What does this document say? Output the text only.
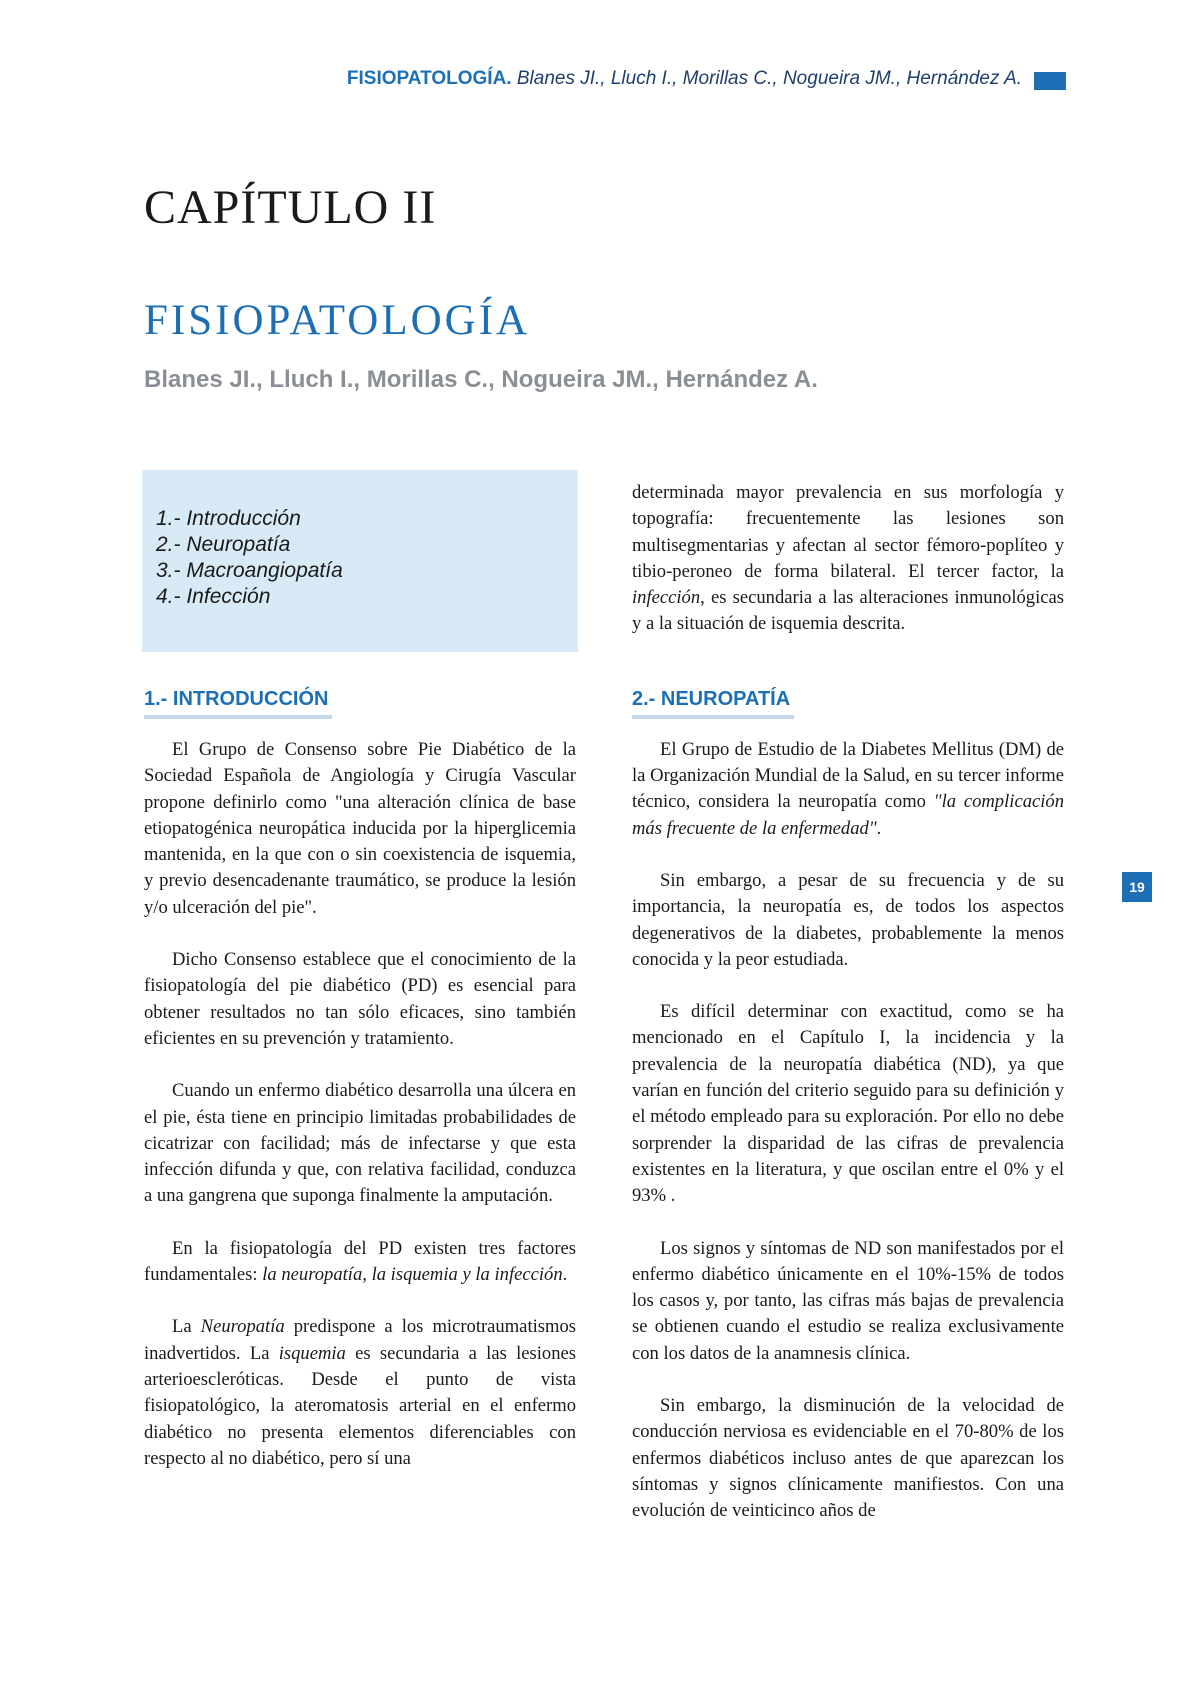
FISIOPATOLOGÍA. Blanes JI., Lluch I., Morillas C., Nogueira JM., Hernández A.
CAPÍTULO II
FISIOPATOLOGÍA
Blanes JI., Lluch I., Morillas C., Nogueira JM., Hernández A.
1.- Introducción
2.- Neuropatía
3.- Macroangiopatía
4.- Infección
1.- INTRODUCCIÓN

El Grupo de Consenso sobre Pie Diabético de la Sociedad Española de Angiología y Cirugía Vascular propone definirlo como "una alteración clínica de base etiopatogénica neuropática inducida por la hiperglicemia mantenida, en la que con o sin coexistencia de isquemia, y previo desencadenante traumático, se produce la lesión y/o ulceración del pie".

Dicho Consenso establece que el conocimiento de la fisiopatología del pie diabético (PD) es esencial para obtener resultados no tan sólo eficaces, sino también eficientes en su prevención y tratamiento.

Cuando un enfermo diabético desarrolla una úlcera en el pie, ésta tiene en principio limitadas probabilidades de cicatrizar con facilidad; más de infectarse y que esta infección difunda y que, con relativa facilidad, conduzca a una gangrena que suponga finalmente la amputación.

En la fisiopatología del PD existen tres factores fundamentales: la neuropatía, la isquemia y la infección.

La Neuropatía predispone a los microtraumatismos inadvertidos. La isquemia es secundaria a las lesiones arterioescleróticas. Desde el punto de vista fisiopatológico, la ateromatosis arterial en el enfermo diabético no presenta elementos diferenciables con respecto al no diabético, pero sí una

determinada mayor prevalencia en sus morfología y topografía: frecuentemente las lesiones son multisegmentarias y afectan al sector fémoro-poplíteo y tibio-peroneo de forma bilateral. El tercer factor, la infección, es secundaria a las alteraciones inmunológicas y a la situación de isquemia descrita.

2.- NEUROPATÍA

El Grupo de Estudio de la Diabetes Mellitus (DM) de la Organización Mundial de la Salud, en su tercer informe técnico, considera la neuropatía como "la complicación más frecuente de la enfermedad".

Sin embargo, a pesar de su frecuencia y de su importancia, la neuropatía es, de todos los aspectos degenerativos de la diabetes, probablemente la menos conocida y la peor estudiada.

Es difícil determinar con exactitud, como se ha mencionado en el Capítulo I, la incidencia y la prevalencia de la neuropatía diabética (ND), ya que varían en función del criterio seguido para su definición y el método empleado para su exploración. Por ello no debe sorprender la disparidad de las cifras de prevalencia existentes en la literatura, y que oscilan entre el 0% y el 93% .

Los signos y síntomas de ND son manifestados por el enfermo diabético únicamente en el 10%-15% de todos los casos y, por tanto, las cifras más bajas de prevalencia se obtienen cuando el estudio se realiza exclusivamente con los datos de la anamnesis clínica.

Sin embargo, la disminución de la velocidad de conducción nerviosa es evidenciable en el 70-80% de los enfermos diabéticos incluso antes de que aparezcan los síntomas y signos clínicamente manifiestos. Con una evolución de veinticinco años de

19
